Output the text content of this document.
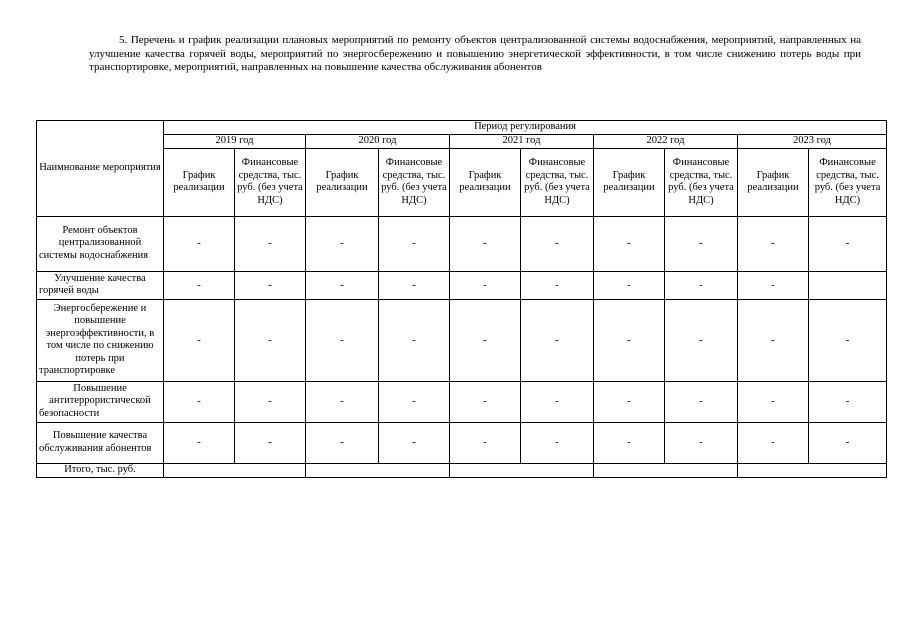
5. Перечень и график реализации плановых мероприятий по ремонту объектов централизованной системы водоснабжения, мероприятий, направленных на улучшение качества горячей воды, мероприятий по энергосбережению и повышению энергетической эффективности, в том числе снижению потерь воды при транспортировке, мероприятий, направленных на повышение качества обслуживания абонентов
Наимнование мероприятия	Период регулирования									
	2019 год		2020 год		2021 год		2022 год		2023 год	
	График реализации	Финансовые средства, тыс. руб. (без учета НДС)	График реализации	Финансовые средства, тыс. руб. (без учета НДС)	График реализации	Финансовые средства, тыс. руб. (без учета НДС)	График реализации	Финансовые средства, тыс. руб. (без учета НДС)	График реализации	Финансовые средства, тыс. руб. (без учета НДС)
Ремонт объектов централизованной системы водоснабжения	-	-	-	-	-	-	-	-	-	-
Улучшение качества горячей воды	-	-	-	-	-	-	-	-	-	
Энергосбережение и повышение энергоэффективности, в том числе по снижению потерь при транспортировке	-	-	-	-	-	-	-	-	-	-
Повышение антитеррористической безопасности	-	-	-	-	-	-	-	-	-	-
Повышение качества обслуживания абонентов	-	-	-	-	-	-	-	-	-	-
Итого, тыс. руб.										
